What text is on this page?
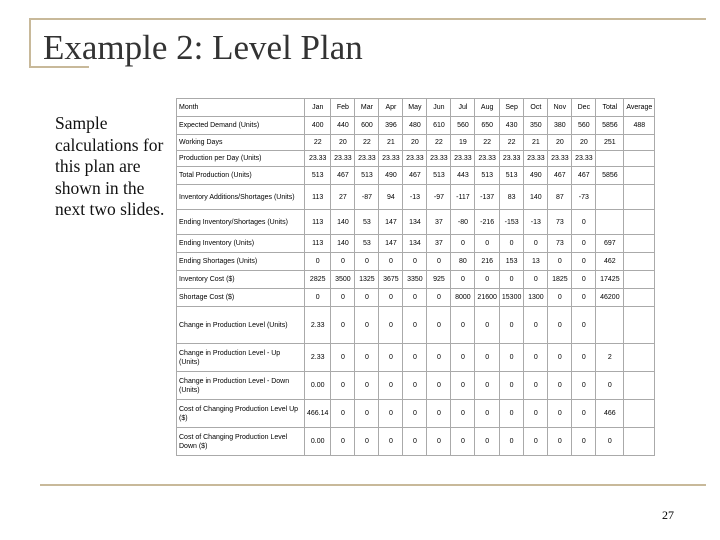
Example 2: Level Plan
Sample calculations for this plan are shown in the next two slides.
Month	Jan	Feb	Mar	Apr	May	Jun	Jul	Aug	Sep	Oct	Nov	Dec	Total	Average
Expected Demand (Units)	400	440	600	396	480	610	560	650	430	350	380	560	5856	488
Working Days	22	20	22	21	20	22	19	22	22	21	20	20	251	
Production per Day (Units)	23.33	23.33	23.33	23.33	23.33	23.33	23.33	23.33	23.33	23.33	23.33	23.33		
Total Production (Units)	513	467	513	490	467	513	443	513	513	490	467	467	5856	
Inventory Additions/Shortages (Units)	113	27	-87	94	-13	-97	-117	-137	83	140	87	-73		
Ending Inventory/Shortages (Units)	113	140	53	147	134	37	-80	-216	-153	-13	73	0		
Ending Inventory (Units)	113	140	53	147	134	37	0	0	0	0	73	0	697	
Ending Shortages (Units)	0	0	0	0	0	0	80	216	153	13	0	0	462	
Inventory Cost ($)	2825	3500	1325	3675	3350	925	0	0	0	0	1825	0	17425	
Shortage Cost ($)	0	0	0	0	0	0	8000	21600	15300	1300	0	0	46200	
Change in Production Level (Units)	2.33	0	0	0	0	0	0	0	0	0	0	0		
Change in Production Level - Up (Units)	2.33	0	0	0	0	0	0	0	0	0	0	0	2	
Change in Production Level - Down (Units)	0.00	0	0	0	0	0	0	0	0	0	0	0	0	
Cost of Changing Production Level Up ($)	466.14	0	0	0	0	0	0	0	0	0	0	0	466	
Cost of Changing Production Level Down ($)	0.00	0	0	0	0	0	0	0	0	0	0	0	0	
27
